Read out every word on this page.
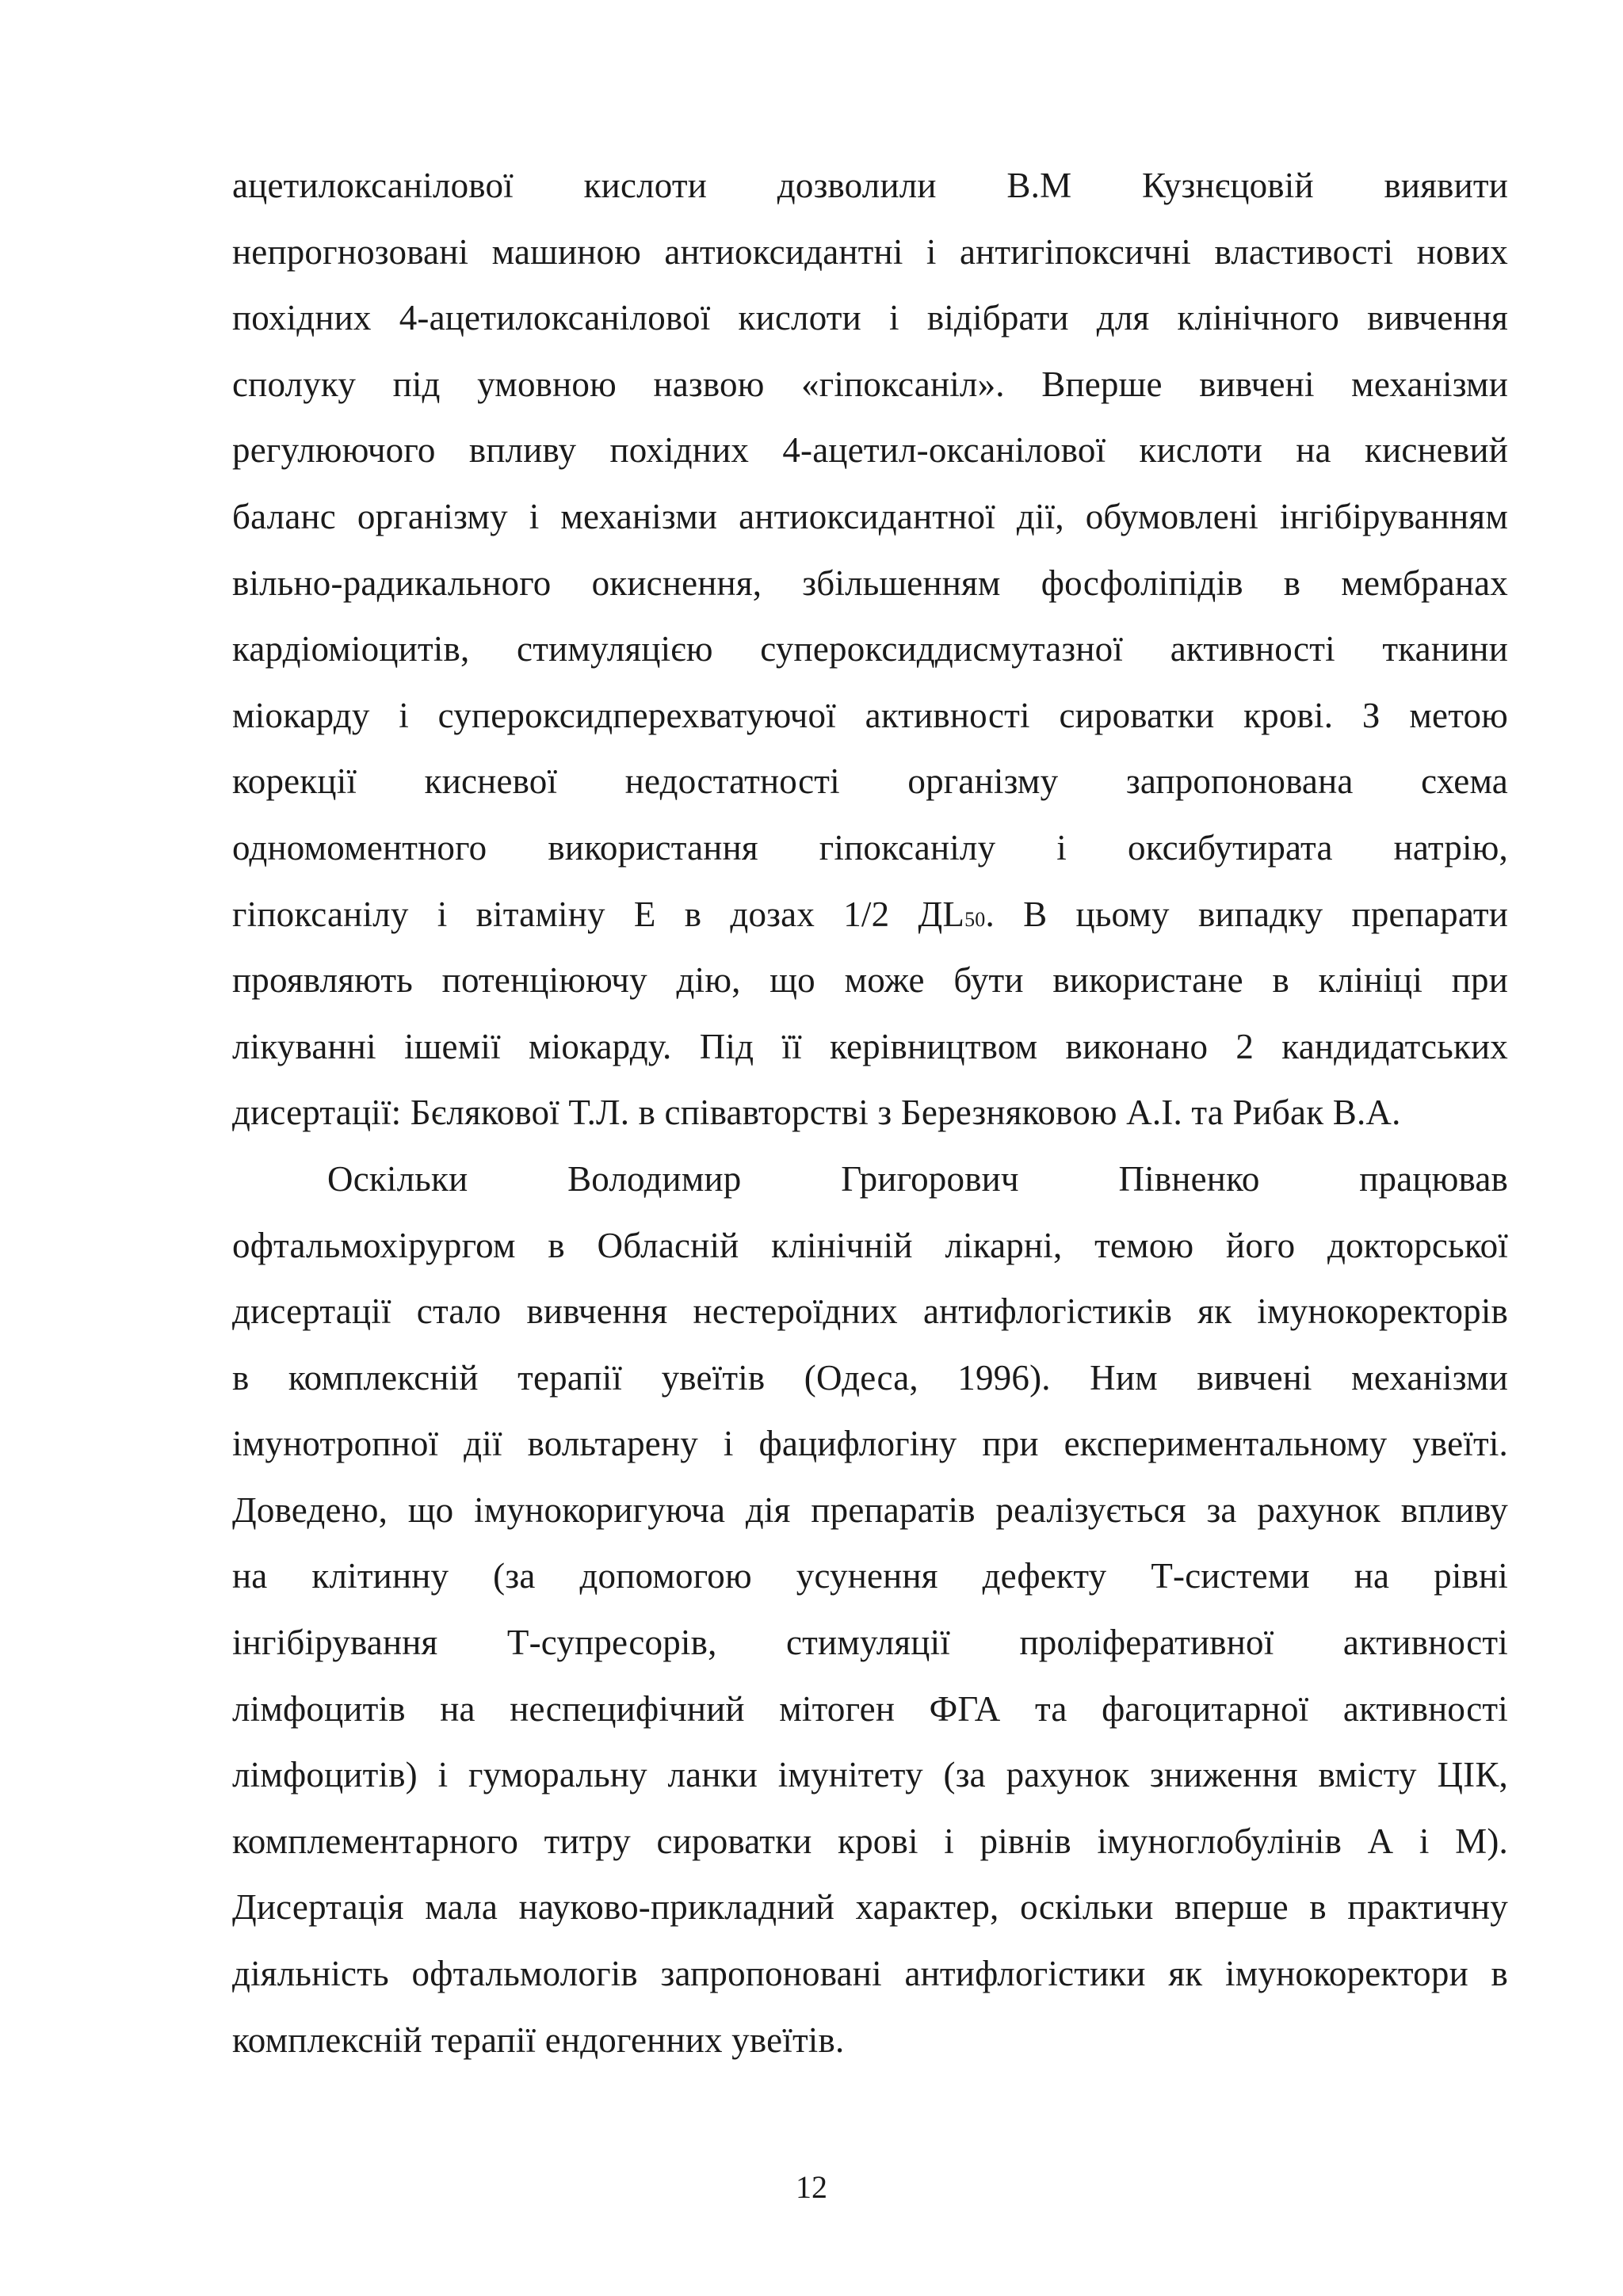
ацетилоксанілової кислоти дозволили В.М Кузнєцовій виявити
непрогнозовані машиною антиоксидантні і антигіпоксичні властивості нових
похідних 4-ацетилоксанілової кислоти і відібрати для клінічного вивчення
сполуку під умовною назвою «гіпоксаніл». Вперше вивчені механізми
регулюючого впливу похідних 4-ацетил-оксанілової кислоти на кисневий
баланс організму і механізми антиоксидантної дії, обумовлені інгібіруванням
вільно-радикального окиснення, збільшенням фосфоліпідів в мембранах
кардіоміоцитів, стимуляцією супероксиддисмутазної активності тканини
міокарду і супероксидперехватуючої активності сироватки крові. З метою
корекції кисневої недостатності організму запропонована схема
одномоментного використання гіпоксанілу і оксибутирата натрію,
гіпоксанілу і вітаміну Е в дозах 1/2 ДL50. В цьому випадку препарати
проявляють потенціюючу дію, що може бути використане в клініці при
лікуванні ішемії міокарду. Під її керівництвом виконано 2 кандидатських
дисертації: Бєлякової Т.Л. в співавторстві з Березняковою А.І. та Рибак В.А.
Оскільки Володимир Григорович Півненко працював
офтальмохірургом в Обласній клінічній лікарні, темою його докторської
дисертації стало вивчення нестероїдних антифлогістиків як імунокоректорів
в комплексній терапії увеїтів (Одеса, 1996). Ним вивчені механізми
імунотропної дії вольтарену і фацифлогіну при експериментальному увеїті.
Доведено, що імунокоригуюча дія препаратів реалізується за рахунок впливу
на клітинну (за допомогою усунення дефекту Т-системи на рівні
інгібірування Т-супресорів, стимуляції проліферативної активності
лімфоцитів на неспецифічний мітоген ФГА та фагоцитарної активності
лімфоцитів) і гуморальну ланки імунітету (за рахунок зниження вмісту ЦІК,
комплементарного титру сироватки крові і рівнів імуноглобулінів А і М).
Дисертація мала науково-прикладний характер, оскільки вперше в практичну
діяльність офтальмологів запропоновані антифлогістики як імунокоректори в
комплексній терапії ендогенних увеїтів.
12
